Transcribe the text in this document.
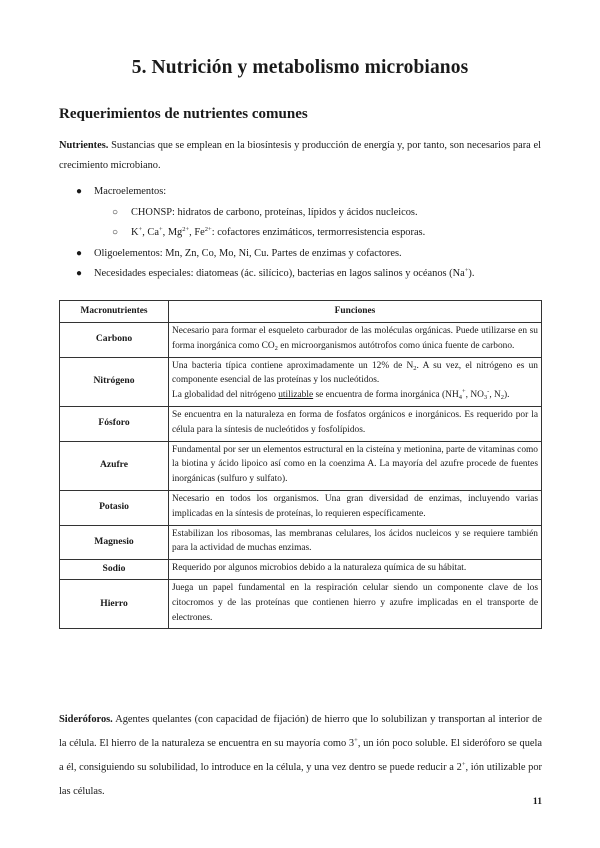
5. Nutrición y metabolismo microbianos
Requerimientos de nutrientes comunes

Nutrientes. Sustancias que se emplean en la biosíntesis y producción de energía y, por tanto, son necesarios para el crecimiento microbiano.

● Macroelementos:
○ CHONSP: hidratos de carbono, proteínas, lípidos y ácidos nucleicos.
○ K+, Ca+, $Mg^{2+}$, $Fe^{2+}$: cofactores enzimáticos, termorresistencia esporas.
● Oligoelementos: Mn, Zn, Co, Mo, Ni, Cu. Partes de enzimas y cofactores.
● Necesidades especiales: diatomeas (ác. silícico), bacterias en lagos salinos y océanos (Na+).
Macronutrientes	Funciones
Carbono	Necesario para formar el esqueleto carburador de las moléculas orgánicas. Puede utilizarse en su forma inorgánica como $CO_2$ en microorganismos autótrofos como única fuente de carbono.
Nitrógeno	Una bacteria típica contiene aproximadamente un 12% de $N_2$. A su vez, el nitrógeno es un componente esencial de las proteínas y los nucleótidos.
La globalidad del nitrógeno utilizable se encuentra de forma inorgánica ($NH_4^+$, $NO_3^-$, $N_2$).
Fósforo	Se encuentra en la naturaleza en forma de fosfatos orgánicos e inorgánicos. Es requerido por la célula para la síntesis de nucleótidos y fosfolípidos.
Azufre	Fundamental por ser un elementos estructural en la cisteína y metionina, parte de vitaminas como la biotina y ácido lipoico así como en la coenzima A. La mayoría del azufre procede de fuentes inorgánicas (sulfuro y sulfato).
Potasio	Necesario en todos los organismos. Una gran diversidad de enzimas, incluyendo varias implicadas en la síntesis de proteínas, lo requieren específicamente.
Magnesio	Estabilizan los ribosomas, las membranas celulares, los ácidos nucleicos y se requiere también para la actividad de muchas enzimas.
Sodio	Requerido por algunos microbios debido a la naturaleza química de su hábitat.
Hierro	Juega un papel fundamental en la respiración celular siendo un componente clave de los citocromos y de las proteínas que contienen hierro y azufre implicadas en el transporte de electrones.

Sideróforos. Agentes quelantes (con capacidad de fijación) de hierro que lo solubilizan y transportan al interior de la célula. El hierro de la naturaleza se encuentra en su mayoría como 3+, un ión poco soluble. El sideróforo se quela a él, consiguiendo su solubilidad, lo introduce en la célula, y una vez dentro se puede reducir a 2+, ión utilizable por las células.

11
